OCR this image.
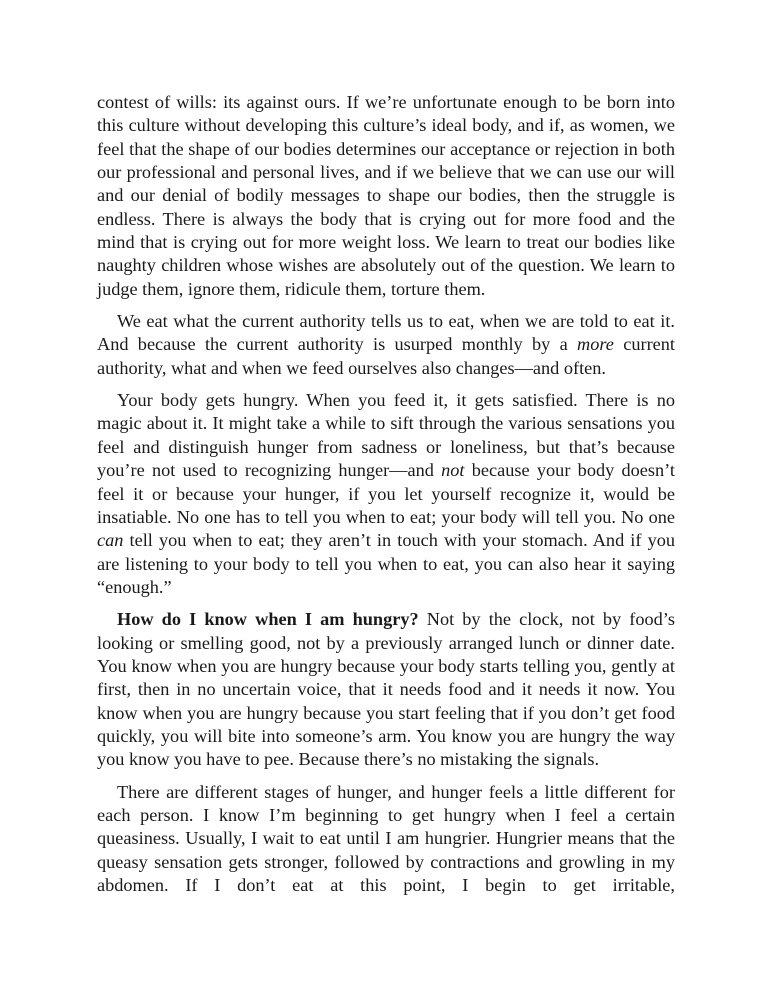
contest of wills: its against ours. If we’re unfortunate enough to be born into this culture without developing this culture’s ideal body, and if, as women, we feel that the shape of our bodies determines our acceptance or rejection in both our professional and personal lives, and if we believe that we can use our will and our denial of bodily messages to shape our bodies, then the struggle is endless. There is always the body that is crying out for more food and the mind that is crying out for more weight loss. We learn to treat our bodies like naughty children whose wishes are absolutely out of the question. We learn to judge them, ignore them, ridicule them, torture them.

We eat what the current authority tells us to eat, when we are told to eat it. And because the current authority is usurped monthly by a more current authority, what and when we feed ourselves also changes—and often.

Your body gets hungry. When you feed it, it gets satisfied. There is no magic about it. It might take a while to sift through the various sensations you feel and distinguish hunger from sadness or loneliness, but that’s because you’re not used to recognizing hunger—and not because your body doesn’t feel it or because your hunger, if you let yourself recognize it, would be insatiable. No one has to tell you when to eat; your body will tell you. No one can tell you when to eat; they aren’t in touch with your stomach. And if you are listening to your body to tell you when to eat, you can also hear it saying “enough.”

How do I know when I am hungry? Not by the clock, not by food’s looking or smelling good, not by a previously arranged lunch or dinner date. You know when you are hungry because your body starts telling you, gently at first, then in no uncertain voice, that it needs food and it needs it now. You know when you are hungry because you start feeling that if you don’t get food quickly, you will bite into someone’s arm. You know you are hungry the way you know you have to pee. Because there’s no mistaking the signals.

There are different stages of hunger, and hunger feels a little different for each person. I know I’m beginning to get hungry when I feel a certain queasiness. Usually, I wait to eat until I am hungrier. Hungrier means that the queasy sensation gets stronger, followed by contractions and growling in my abdomen. If I don’t eat at this point, I begin to get irritable,
